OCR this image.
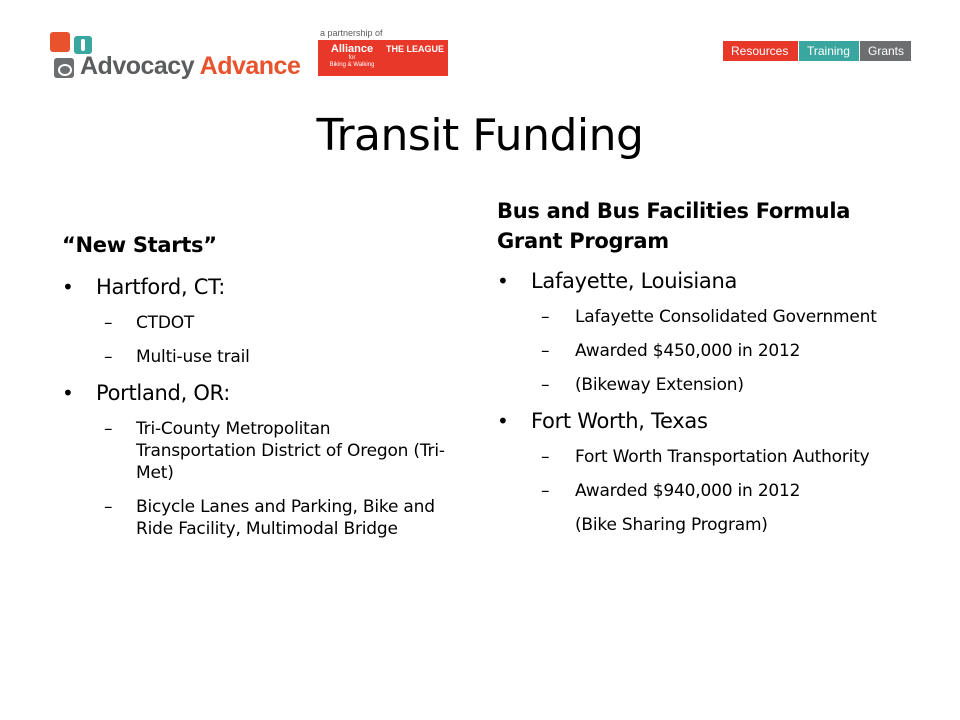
Advocacy Advance
a partnership of
Alliance
for
Biking & Walking
THE LEAGUE
OF AMERICAN BICYCLISTS
Resources	Training	Grants
Transit Funding
“New Starts”
• Hartford, CT:
– CTDOT
– Multi-use trail
• Portland, OR:
– Tri-County Metropolitan Transportation District of Oregon (Tri-Met)
– Bicycle Lanes and Parking, Bike and Ride Facility, Multimodal Bridge
Bus and Bus Facilities Formula Grant Program
• Lafayette, Louisiana
– Lafayette Consolidated Government
– Awarded $450,000 in 2012
– (Bikeway Extension)
• Fort Worth, Texas
– Fort Worth Transportation Authority
– Awarded $940,000 in 2012
(Bike Sharing Program)
